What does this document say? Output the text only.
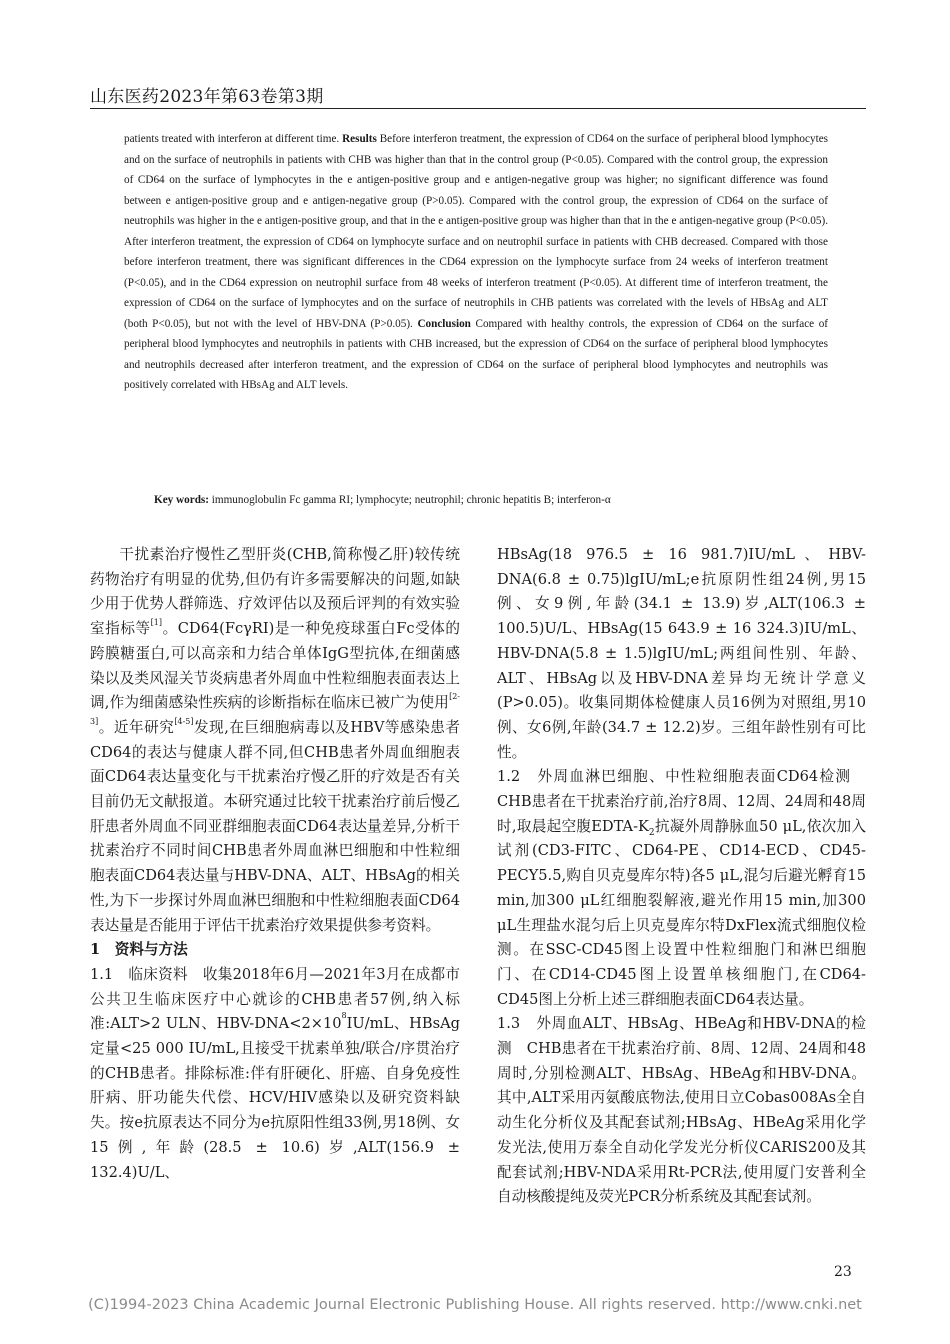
山东医药2023年第63卷第3期
patients treated with interferon at different time. Results Before interferon treatment, the expression of CD64 on the surface of peripheral blood lymphocytes and on the surface of neutrophils in patients with CHB was higher than that in the control group (P<0.05). Compared with the control group, the expression of CD64 on the surface of lymphocytes in the e antigen-positive group and e antigen-negative group was higher; no significant difference was found between e antigen-positive group and e antigen-negative group (P>0.05). Compared with the control group, the expression of CD64 on the surface of neutrophils was higher in the e antigen-positive group, and that in the e antigen-positive group was higher than that in the e antigen-negative group (P<0.05). After interferon treatment, the expression of CD64 on lymphocyte surface and on neutrophil surface in patients with CHB decreased. Compared with those before interferon treatment, there was significant differences in the CD64 expression on the lymphocyte surface from 24 weeks of interferon treatment (P<0.05), and in the CD64 expression on neutrophil surface from 48 weeks of interferon treatment (P<0.05). At different time of interferon treatment, the expression of CD64 on the surface of lymphocytes and on the surface of neutrophils in CHB patients was correlated with the levels of HBsAg and ALT (both P<0.05), but not with the level of HBV-DNA (P>0.05). Conclusion Compared with healthy controls, the expression of CD64 on the surface of peripheral blood lymphocytes and neutrophils in patients with CHB increased, but the expression of CD64 on the surface of peripheral blood lymphocytes and neutrophils decreased after interferon treatment, and the expression of CD64 on the surface of peripheral blood lymphocytes and neutrophils was positively correlated with HBsAg and ALT levels.
Key words: immunoglobulin Fc gamma RI; lymphocyte; neutrophil; chronic hepatitis B; interferon-α

干扰素治疗慢性乙型肝炎(CHB,简称慢乙肝)较传统药物治疗有明显的优势,但仍有许多需要解决的问题,如缺少用于优势人群筛选、疗效评估以及预后评判的有效实验室指标等[1]。CD64(FcγRI)是一种免疫球蛋白Fc受体的跨膜糖蛋白,可以高亲和力结合单体IgG型抗体,在细菌感染以及类风湿关节炎病患者外周血中性粒细胞表面表达上调,作为细菌感染性疾病的诊断指标在临床已被广为使用[2-3]。近年研究[4-5]发现,在巨细胞病毒以及HBV等感染患者CD64的表达与健康人群不同,但CHB患者外周血细胞表面CD64表达量变化与干扰素治疗慢乙肝的疗效是否有关目前仍无文献报道。本研究通过比较干扰素治疗前后慢乙肝患者外周血不同亚群细胞表面CD64表达量差异,分析干扰素治疗不同时间CHB患者外周血淋巴细胞和中性粒细胞表面CD64表达量与HBV-DNA、ALT、HBsAg的相关性,为下一步探讨外周血淋巴细胞和中性粒细胞表面CD64表达量是否能用于评估干扰素治疗效果提供参考资料。

1　资料与方法

1.1　临床资料　收集2018年6月—2021年3月在成都市公共卫生临床医疗中心就诊的CHB患者57例,纳入标准:ALT>2 ULN、HBV-$DNA<2\times 10^8IU/mL$、HBsAg定量<25 000 IU/mL,且接受干扰素单独/联合/序贯治疗的CHB患者。排除标准:伴有肝硬化、肝癌、自身免疫性肝病、肝功能失代偿、HCV/HIV感染以及研究资料缺失。按e抗原表达不同分为e抗原阳性组33例,男18例、女15例,年龄(28.5 ± 10.6)岁,ALT(156.9 ± 132.4)U/L、

HBsAg(18 976.5 ± 16 981.7)IU/mL、HBV-DNA(6.8 ± 0.75)lgIU/mL;e抗原阴性组24例,男15例、女9例,年龄(34.1 ± 13.9)岁,ALT(106.3 ± 100.5)U/L、HBsAg(15 643.9 ± 16 324.3)IU/mL、HBV-DNA(5.8 ± 1.5)lgIU/mL;两组间性别、年龄、ALT、HBsAg以及HBV-DNA差异均无统计学意义(P>0.05)。收集同期体检健康人员16例为对照组,男10例、女6例,年龄(34.7 ± 12.2)岁。三组年龄性别有可比性。

1.2　外周血淋巴细胞、中性粒细胞表面CD64检测　CHB患者在干扰素治疗前,治疗8周、12周、24周和48周时,取晨起空腹EDTA-$K_2$抗凝外周静脉血50 μL,依次加入试剂(CD3-FITC、CD64-PE、CD14-ECD、CD45-PECY5.5,购自贝克曼库尔特)各5 μL,混匀后避光孵育15 min,加300 μL红细胞裂解液,避光作用15 min,加300 μL生理盐水混匀后上贝克曼库尔特DxFlex流式细胞仪检测。在SSC-CD45图上设置中性粒细胞门和淋巴细胞门、在CD14-CD45图上设置单核细胞门,在CD64-CD45图上分析上述三群细胞表面CD64表达量。

1.3　外周血ALT、HBsAg、HBeAg和HBV-DNA的检测　CHB患者在干扰素治疗前、8周、12周、24周和48周时,分别检测ALT、HBsAg、HBeAg和HBV-DNA。其中,ALT采用丙氨酸底物法,使用日立Cobas008As全自动生化分析仪及其配套试剂;HBsAg、HBeAg采用化学发光法,使用万泰全自动化学发光分析仪CARIS200及其配套试剂;HBV-NDA采用Rt-PCR法,使用厦门安普利全自动核酸提纯及荧光PCR分析系统及其配套试剂。

23
(C)1994-2023 China Academic Journal Electronic Publishing House. All rights reserved. http://www.cnki.net
